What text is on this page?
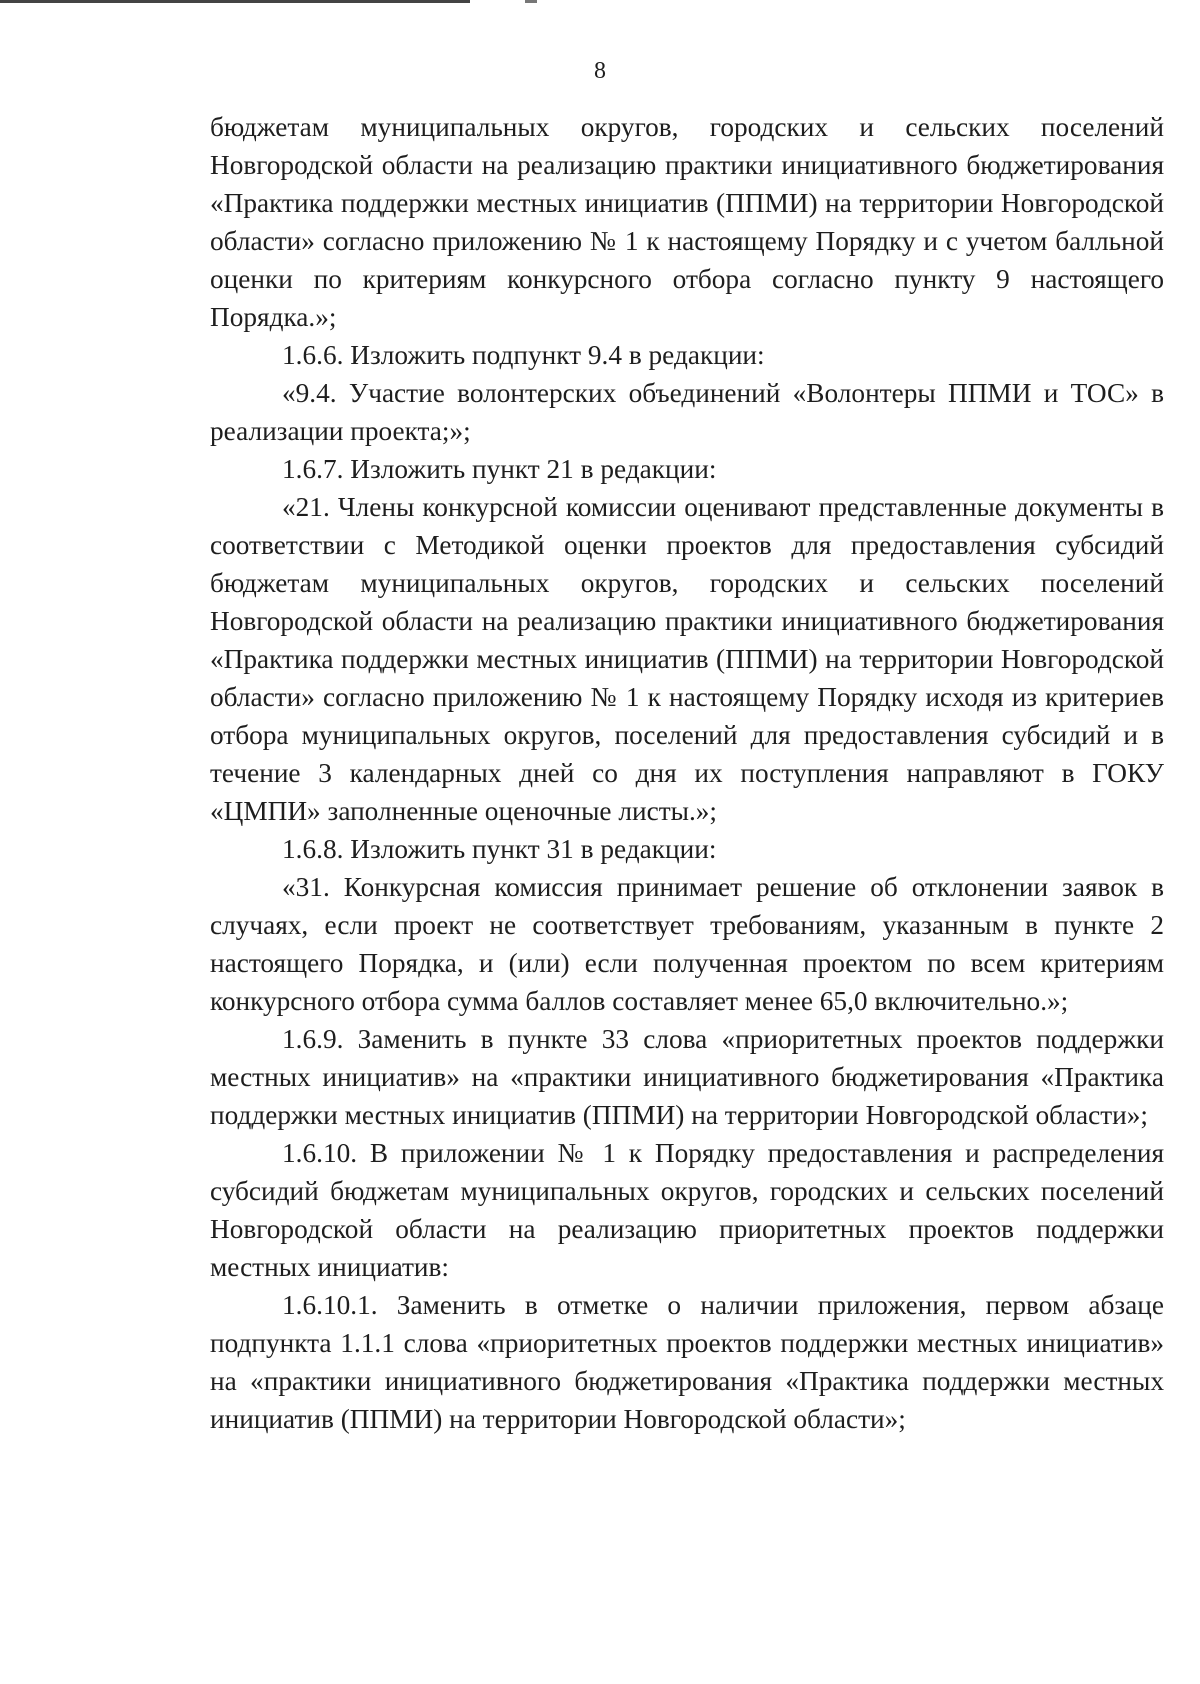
8

бюджетам муниципальных округов, городских и сельских поселений Новгородской области на реализацию практики инициативного бюджетирования «Практика поддержки местных инициатив (ППМИ) на территории Новгородской области» согласно приложению № 1 к настоящему Порядку и с учетом балльной оценки по критериям конкурсного отбора согласно пункту 9 настоящего Порядка.»;

1.6.6. Изложить подпункт 9.4 в редакции:

«9.4. Участие волонтерских объединений «Волонтеры ППМИ и ТОС» в реализации проекта;»;

1.6.7. Изложить пункт 21 в редакции:

«21. Члены конкурсной комиссии оценивают представленные документы в соответствии с Методикой оценки проектов для предоставления субсидий бюджетам муниципальных округов, городских и сельских поселений Новгородской области на реализацию практики инициативного бюджетирования «Практика поддержки местных инициатив (ППМИ) на территории Новгородской области» согласно приложению № 1 к настоящему Порядку исходя из критериев отбора муниципальных округов, поселений для предоставления субсидий и в течение 3 календарных дней со дня их поступления направляют в ГОКУ «ЦМПИ» заполненные оценочные листы.»;

1.6.8. Изложить пункт 31 в редакции:

«31. Конкурсная комиссия принимает решение об отклонении заявок в случаях, если проект не соответствует требованиям, указанным в пункте 2 настоящего Порядка, и (или) если полученная проектом по всем критериям конкурсного отбора сумма баллов составляет менее 65,0 включительно.»;

1.6.9. Заменить в пункте 33 слова «приоритетных проектов поддержки местных инициатив» на «практики инициативного бюджетирования «Практика поддержки местных инициатив (ППМИ) на территории Новгородской области»;

1.6.10. В приложении № 1 к Порядку предоставления и распределения субсидий бюджетам муниципальных округов, городских и сельских поселений Новгородской области на реализацию приоритетных проектов поддержки местных инициатив:

1.6.10.1. Заменить в отметке о наличии приложения, первом абзаце подпункта 1.1.1 слова «приоритетных проектов поддержки местных инициатив» на «практики инициативного бюджетирования «Практика поддержки местных инициатив (ППМИ) на территории Новгородской области»;
